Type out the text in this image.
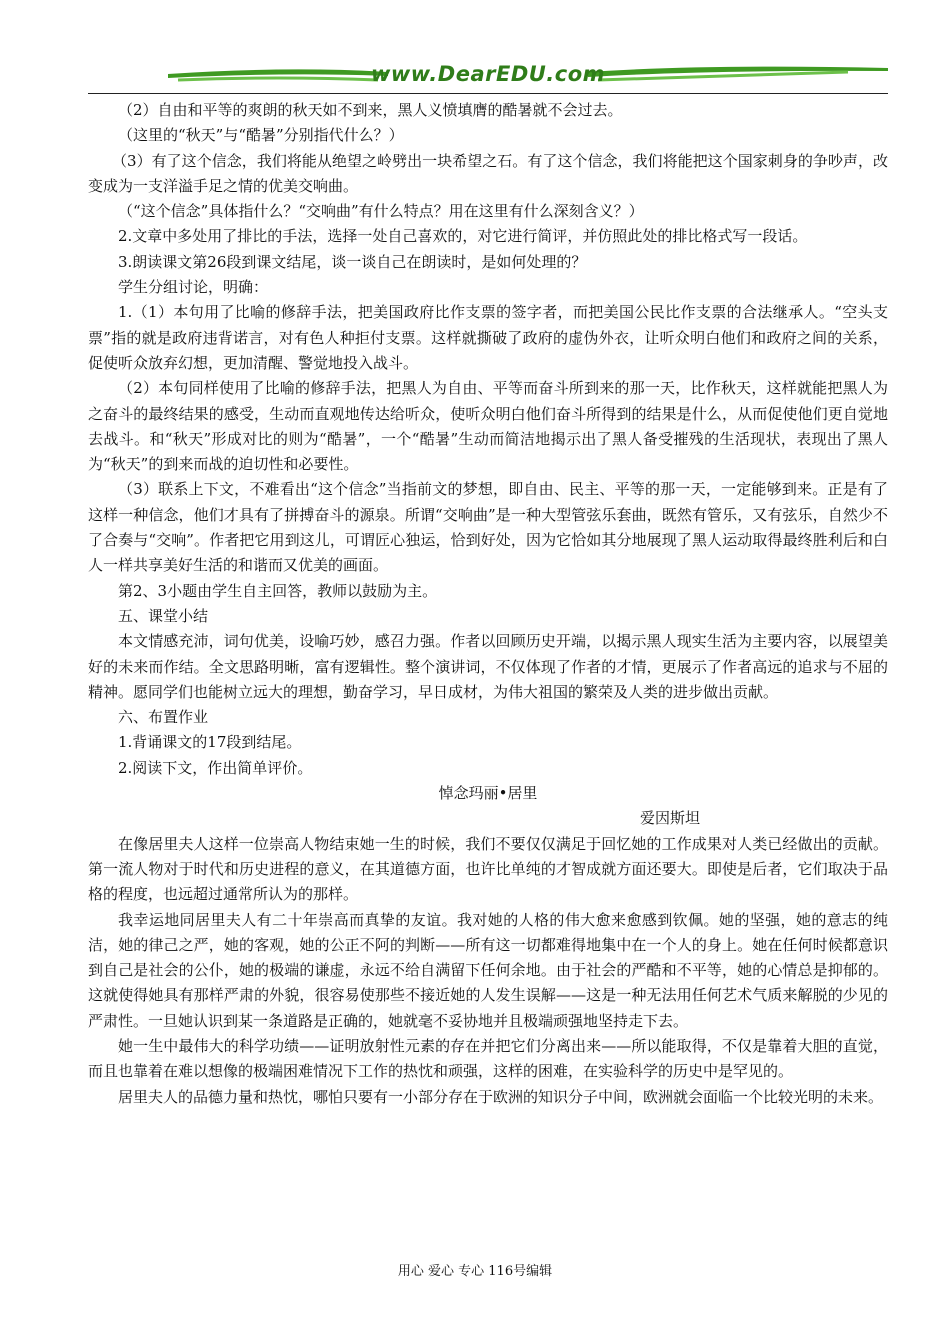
www.DearEDU.com

（2）自由和平等的爽朗的秋天如不到来，黑人义愤填膺的酷暑就不会过去。

（这里的“秋天”与“酷暑”分别指代什么？）

（3）有了这个信念，我们将能从绝望之岭劈出一块希望之石。有了这个信念，我们将能把这个国家刺身的争吵声，改变成为一支洋溢手足之情的优美交响曲。

（“这个信念”具体指什么？“交响曲”有什么特点？用在这里有什么深刻含义？）

2.文章中多处用了排比的手法，选择一处自己喜欢的，对它进行简评，并仿照此处的排比格式写一段话。

3.朗读课文第26段到课文结尾，谈一谈自己在朗读时，是如何处理的？

学生分组讨论，明确：

1.（1）本句用了比喻的修辞手法，把美国政府比作支票的签字者，而把美国公民比作支票的合法继承人。“空头支票”指的就是政府违背诺言，对有色人种拒付支票。这样就撕破了政府的虚伪外衣，让听众明白他们和政府之间的关系，促使听众放弃幻想，更加清醒、警觉地投入战斗。

（2）本句同样使用了比喻的修辞手法，把黑人为自由、平等而奋斗所到来的那一天，比作秋天，这样就能把黑人为之奋斗的最终结果的感受，生动而直观地传达给听众，使听众明白他们奋斗所得到的结果是什么，从而促使他们更自觉地去战斗。和“秋天”形成对比的则为“酷暑”，一个“酷暑”生动而简洁地揭示出了黑人备受摧残的生活现状，表现出了黑人为“秋天”的到来而战的迫切性和必要性。

（3）联系上下文，不难看出“这个信念”当指前文的梦想，即自由、民主、平等的那一天，一定能够到来。正是有了这样一种信念，他们才具有了拼搏奋斗的源泉。所谓“交响曲”是一种大型管弦乐套曲，既然有管乐，又有弦乐，自然少不了合奏与“交响”。作者把它用到这儿，可谓匠心独运，恰到好处，因为它恰如其分地展现了黑人运动取得最终胜利后和白人一样共享美好生活的和谐而又优美的画面。

第2、3小题由学生自主回答，教师以鼓励为主。

五、课堂小结

本文情感充沛，词句优美，设喻巧妙，感召力强。作者以回顾历史开端，以揭示黑人现实生活为主要内容，以展望美好的未来而作结。全文思路明晰，富有逻辑性。整个演讲词，不仅体现了作者的才情，更展示了作者高远的追求与不屈的精神。愿同学们也能树立远大的理想，勤奋学习，早日成材，为伟大祖国的繁荣及人类的进步做出贡献。

六、布置作业

1.背诵课文的17段到结尾。

2.阅读下文，作出简单评价。

悼念玛丽•居里

爱因斯坦

在像居里夫人这样一位崇高人物结束她一生的时候，我们不要仅仅满足于回忆她的工作成果对人类已经做出的贡献。第一流人物对于时代和历史进程的意义，在其道德方面，也许比单纯的才智成就方面还要大。即使是后者，它们取决于品格的程度，也远超过通常所认为的那样。

我幸运地同居里夫人有二十年崇高而真挚的友谊。我对她的人格的伟大愈来愈感到钦佩。她的坚强，她的意志的纯洁，她的律己之严，她的客观，她的公正不阿的判断——所有这一切都难得地集中在一个人的身上。她在任何时候都意识到自己是社会的公仆，她的极端的谦虚，永远不给自满留下任何余地。由于社会的严酷和不平等，她的心情总是抑郁的。这就使得她具有那样严肃的外貌，很容易使那些不接近她的人发生误解——这是一种无法用任何艺术气质来解脱的少见的严肃性。一旦她认识到某一条道路是正确的，她就毫不妥协地并且极端顽强地坚持走下去。

她一生中最伟大的科学功绩——证明放射性元素的存在并把它们分离出来——所以能取得，不仅是靠着大胆的直觉，而且也靠着在难以想像的极端困难情况下工作的热忱和顽强，这样的困难，在实验科学的历史中是罕见的。

居里夫人的品德力量和热忱，哪怕只要有一小部分存在于欧洲的知识分子中间，欧洲就会面临一个比较光明的未来。

用心 爱心 专心 116号编辑
